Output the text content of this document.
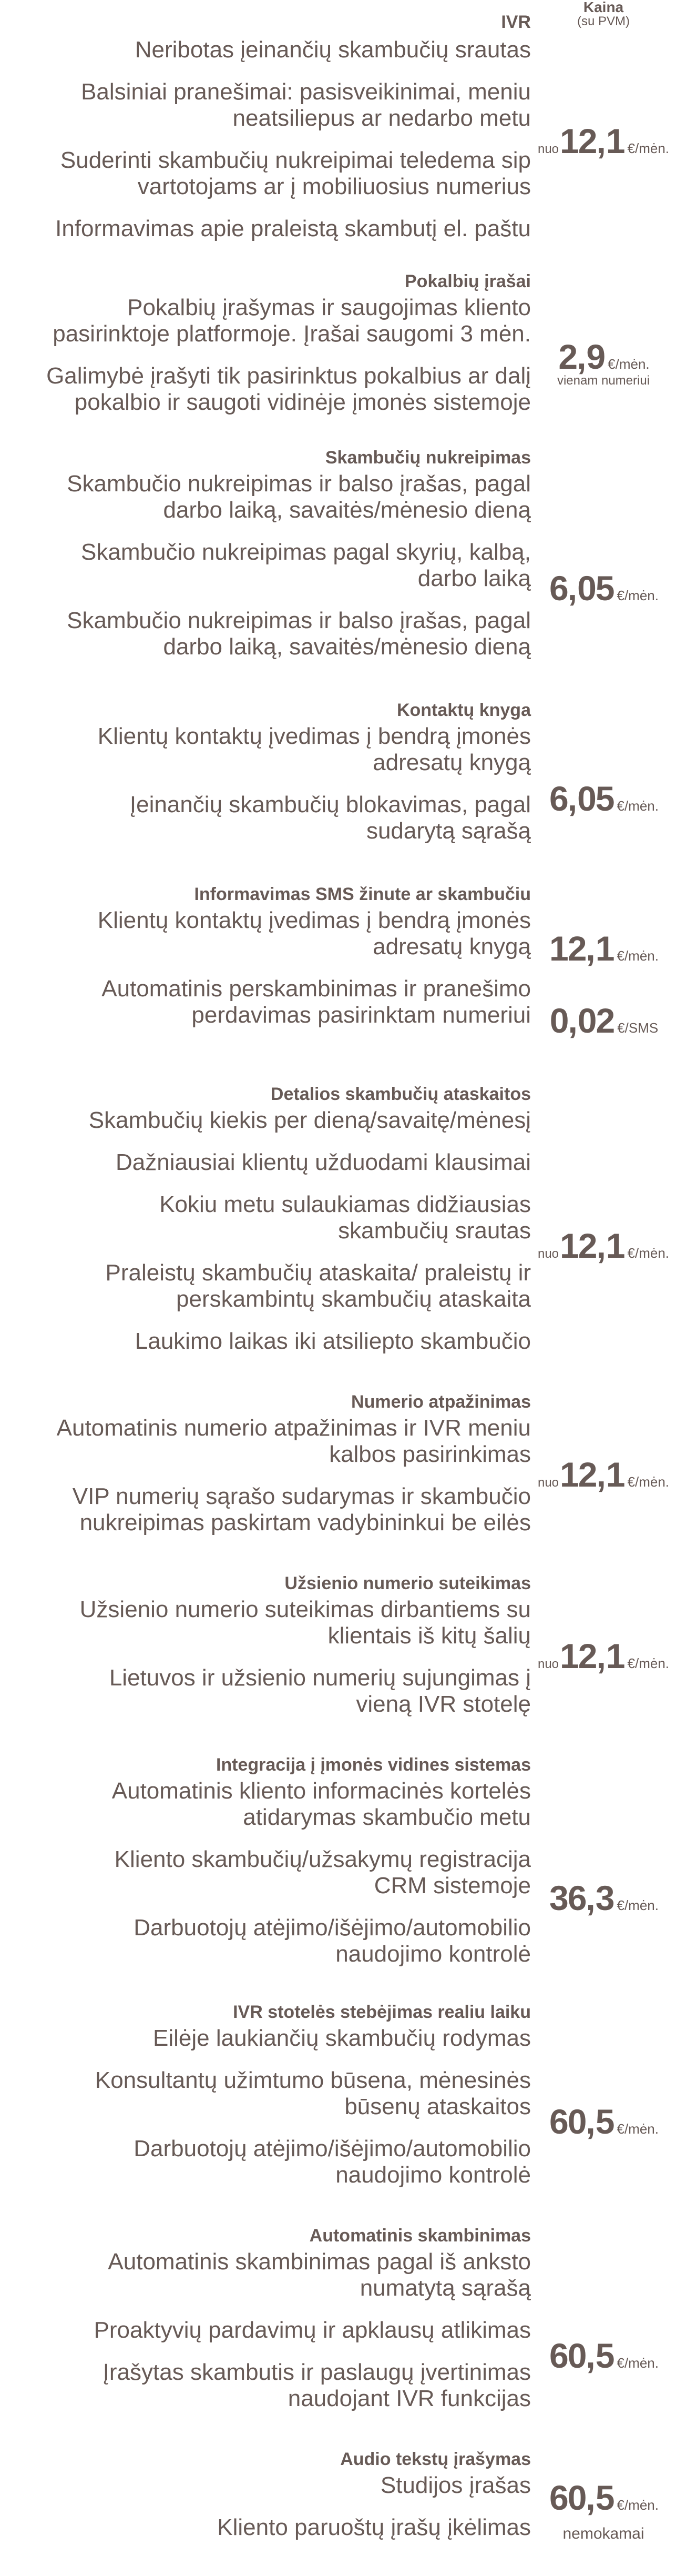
Kaina
(su PVM)
IVR
Neribotas įeinančių skambučių srautas
Balsiniai pranešimai: pasisveikinimai, meniu
neatsiliepus ar nedarbo metu
Suderinti skambučių nukreipimai teledema sip
vartotojams ar į mobiliuosius numerius
Informavimas apie praleistą skambutį el. paštu
nuo 12 , 1 €/mėn.
Pokalbių įrašai
Pokalbių įrašymas ir saugojimas kliento
pasirinktoje platformoje. Įrašai saugomi 3 mėn.
Galimybė įrašyti tik pasirinktus pokalbius ar dalį
pokalbio ir saugoti vidinėje įmonės sistemoje
2 , 9 €/mėn.
vienam numeriui
Skambučių nukreipimas
Skambučio nukreipimas ir balso įrašas, pagal
darbo laiką, savaitės/mėnesio dieną
Skambučio nukreipimas pagal skyrių, kalbą,
darbo laiką
Skambučio nukreipimas ir balso įrašas, pagal
darbo laiką, savaitės/mėnesio dieną
6 , 05 €/mėn.
Kontaktų knyga
Klientų kontaktų įvedimas į bendrą įmonės
adresatų knygą
Įeinančių skambučių blokavimas, pagal
sudarytą sąrašą
6 , 05 €/mėn.
Informavimas SMS žinute ar skambučiu
Klientų kontaktų įvedimas į bendrą įmonės
adresatų knygą
Automatinis perskambinimas ir pranešimo
perdavimas pasirinktam numeriui
12 , 1 €/mėn.
0 , 02 €/SMS
Detalios skambučių ataskaitos
Skambučių kiekis per dieną/savaitę/mėnesį
Dažniausiai klientų užduodami klausimai
Kokiu metu sulaukiamas didžiausias
skambučių srautas
Praleistų skambučių ataskaita/ praleistų ir
perskambintų skambučių ataskaita
Laukimo laikas iki atsiliepto skambučio
nuo 12 , 1 €/mėn.
Numerio atpažinimas
Automatinis numerio atpažinimas ir IVR meniu
kalbos pasirinkimas
VIP numerių sąrašo sudarymas ir skambučio
nukreipimas paskirtam vadybininkui be eilės
nuo 12 , 1 €/mėn.
Užsienio numerio suteikimas
Užsienio numerio suteikimas dirbantiems su
klientais iš kitų šalių
Lietuvos ir užsienio numerių sujungimas į
vieną IVR stotelę
nuo 12 , 1 €/mėn.
Integracija į įmonės vidines sistemas
Automatinis kliento informacinės kortelės
atidarymas skambučio metu
Kliento skambučių/užsakymų registracija
CRM sistemoje
Darbuotojų atėjimo/išėjimo/automobilio
naudojimo kontrolė
36 , 3 €/mėn.
IVR stotelės stebėjimas realiu laiku
Eilėje laukiančių skambučių rodymas
Konsultantų užimtumo būsena, mėnesinės
būsenų ataskaitos
Darbuotojų atėjimo/išėjimo/automobilio
naudojimo kontrolė
60 , 5 €/mėn.
Automatinis skambinimas
Automatinis skambinimas pagal iš anksto
numatytą sąrašą
Proaktyvių pardavimų ir apklausų atlikimas
Įrašytas skambutis ir paslaugų įvertinimas
naudojant IVR funkcijas
60 , 5 €/mėn.
Audio tekstų įrašymas
Studijos įrašas
Kliento paruoštų įrašų įkėlimas
60 , 5 €/mėn.
nemokamai
